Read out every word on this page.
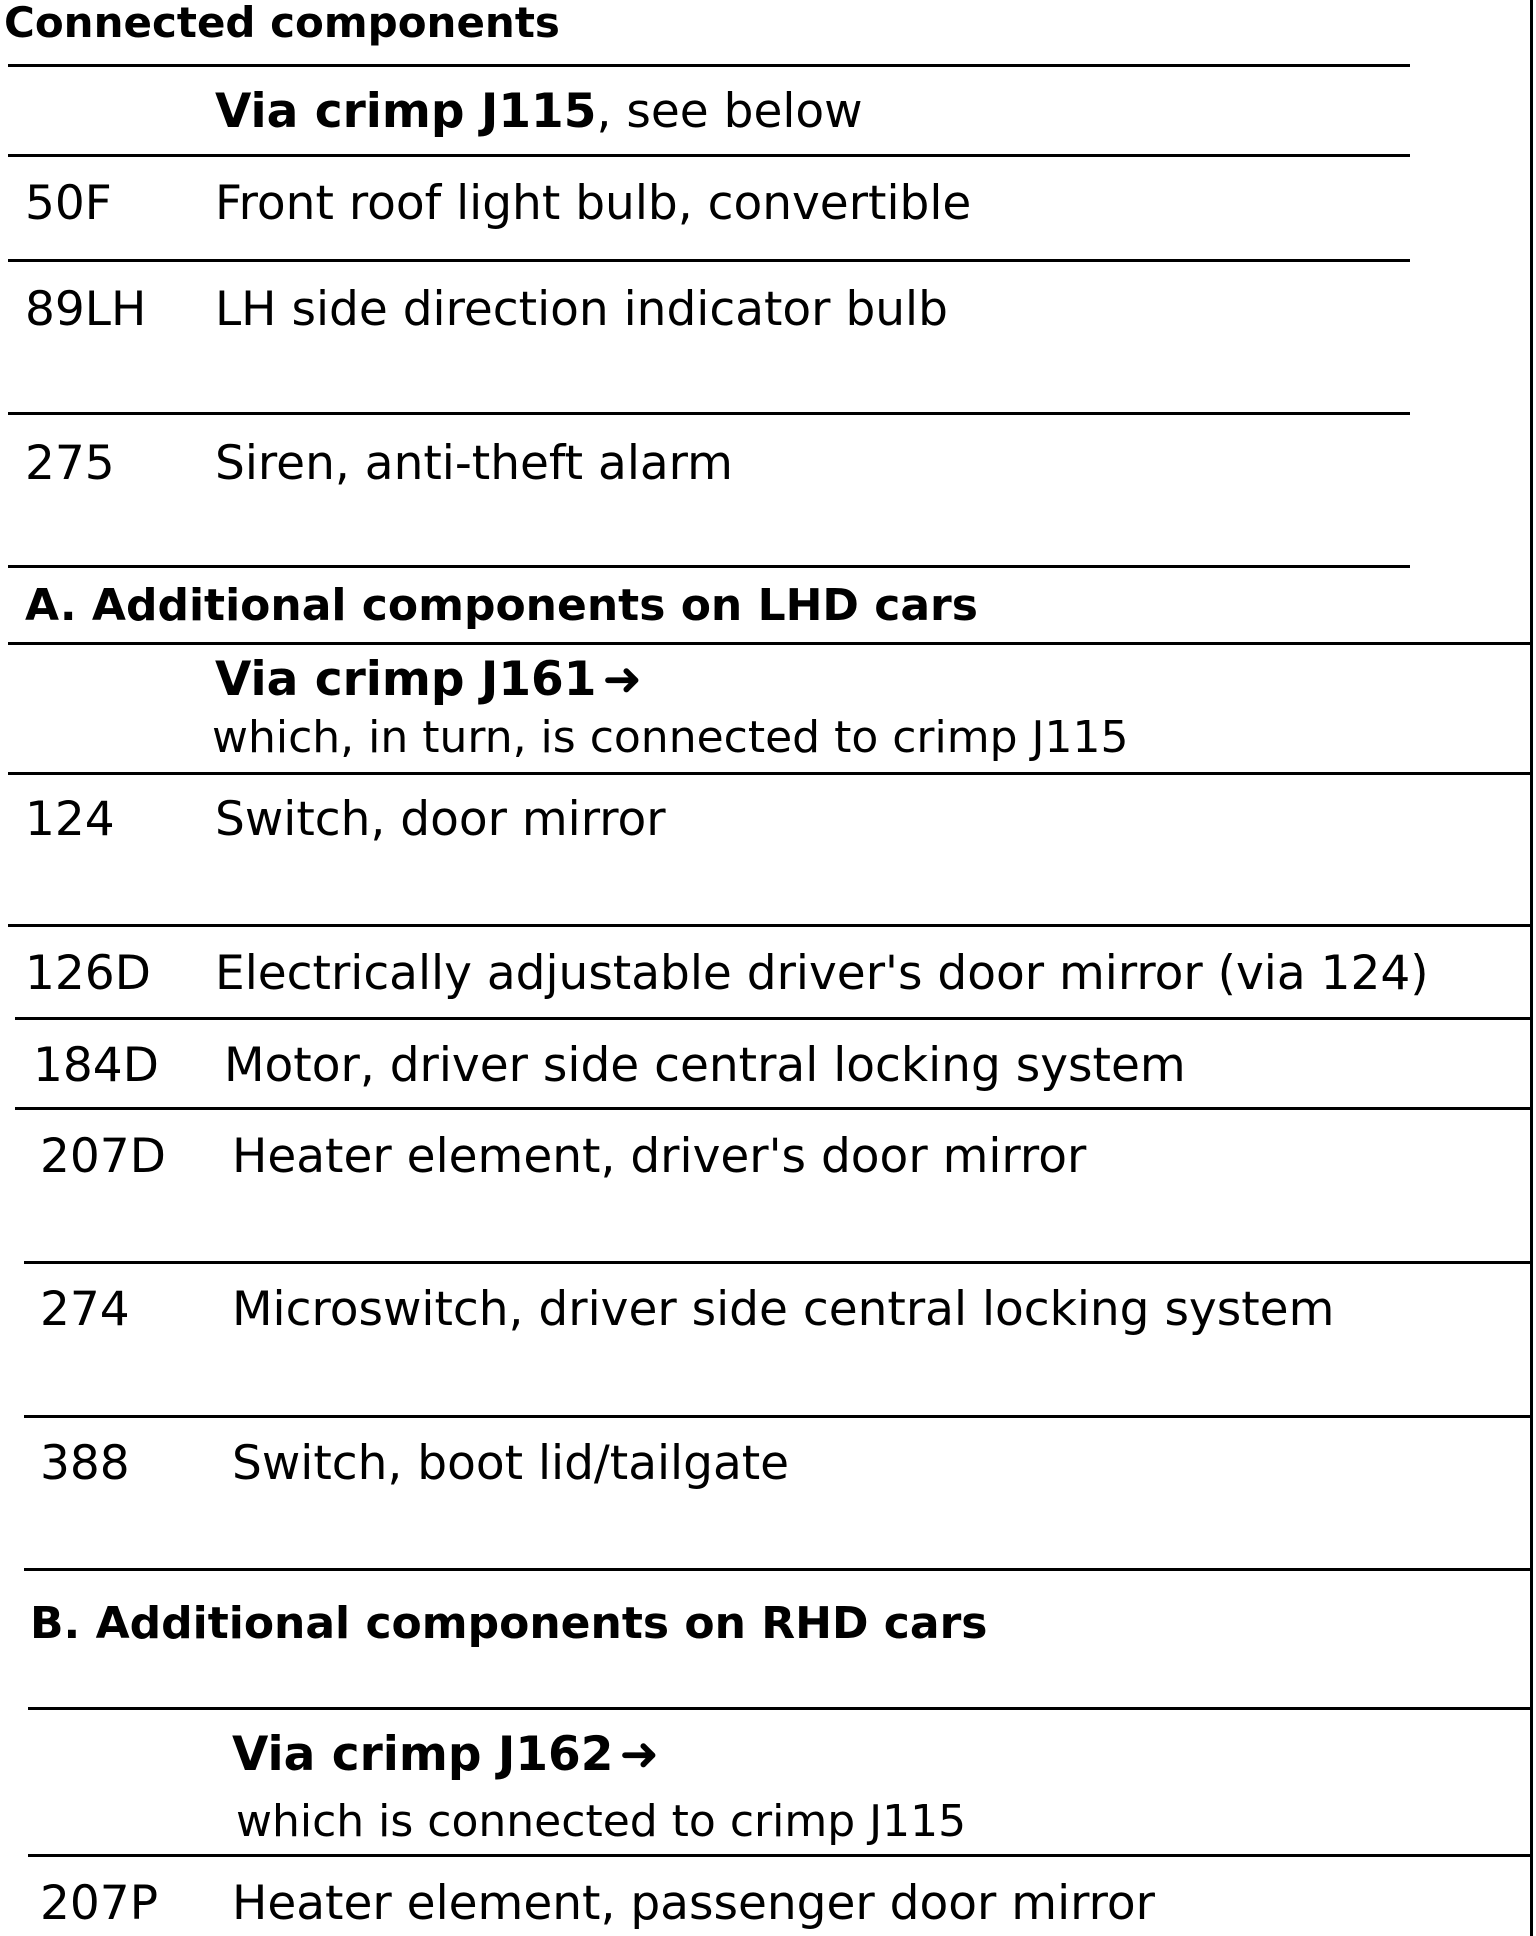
Connected components
Via crimp J115, see below
50F Front roof light bulb, convertible
89LH LH side direction indicator bulb
275 Siren, anti-theft alarm
A. Additional components on LHD cars
Via crimp J161 ➜
which, in turn, is connected to crimp J115
124 Switch, door mirror
126D Electrically adjustable driver's door mirror (via 124)
184D Motor, driver side central locking system
207D Heater element, driver's door mirror
274 Microswitch, driver side central locking system
388 Switch, boot lid/tailgate
B. Additional components on RHD cars
Via crimp J162 ➜
which is connected to crimp J115
207P Heater element, passenger door mirror
